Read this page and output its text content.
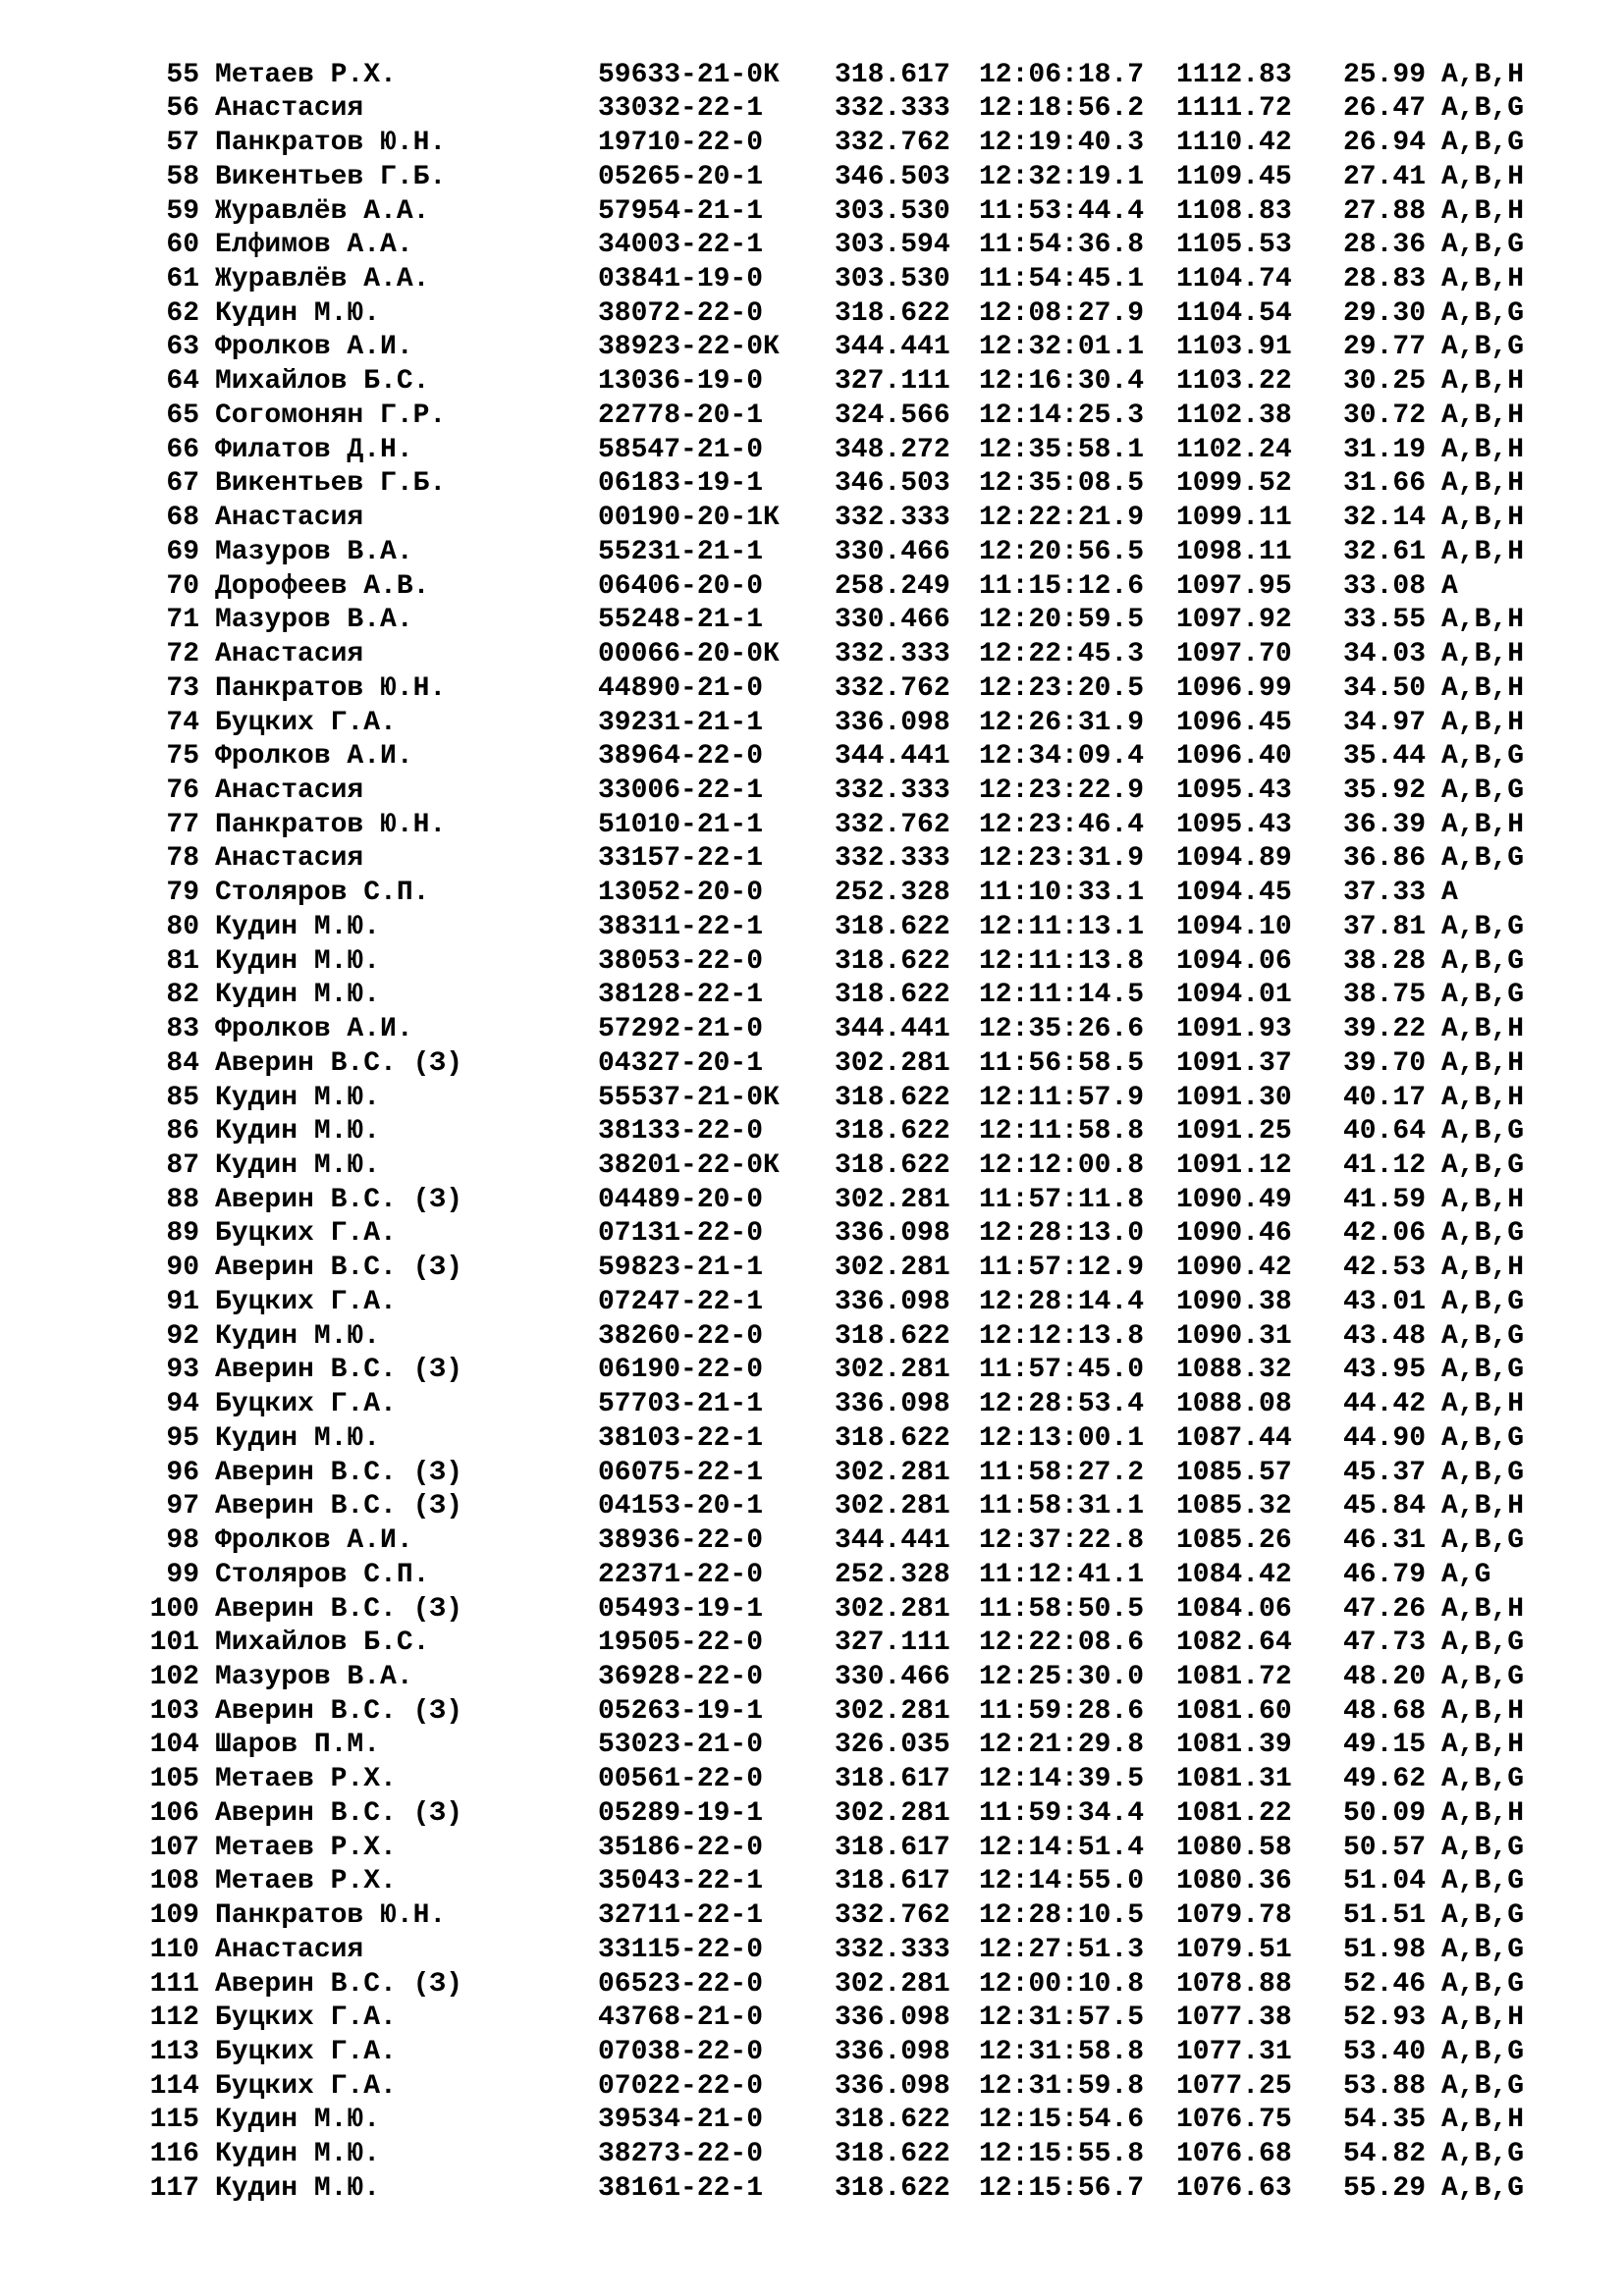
55 Метаев Р.Х.	59633-21-0К 318.617 12:06:18.7 1112.83 25.99 A,B,H
56 Анастасия	33032-22-1	332.333 12:18:56.2 1111.72 26.47 A,B,G
57 Панкратов Ю.Н.	19710-22-0	332.762 12:19:40.3 1110.42 26.94 A,B,G
58 Викентьев Г.Б.	05265-20-1	346.503 12:32:19.1 1109.45 27.41 A,B,H
59 Журавлёв А.А.	57954-21-1	303.530 11:53:44.4 1108.83 27.88 A,B,H
60 Елфимов А.А.	34003-22-1	303.594 11:54:36.8 1105.53 28.36 A,B,G
61 Журавлёв А.А.	03841-19-0	303.530 11:54:45.1 1104.74 28.83 A,B,H
62 Кудин М.Ю.	38072-22-0	318.622 12:08:27.9 1104.54 29.30 A,B,G
63 Фролков А.И.	38923-22-0К 344.441 12:32:01.1 1103.91 29.77 A,B,G
64 Михайлов Б.С.	13036-19-0	327.111 12:16:30.4 1103.22 30.25 A,B,H
65 Согомонян Г.Р.	22778-20-1	324.566 12:14:25.3 1102.38 30.72 A,B,H
66 Филатов Д.Н.	58547-21-0	348.272 12:35:58.1 1102.24 31.19 A,B,H
67 Викентьев Г.Б.	06183-19-1	346.503 12:35:08.5 1099.52 31.66 A,B,H
68 Анастасия	00190-20-1К 332.333 12:22:21.9 1099.11 32.14 A,B,H
69 Мазуров В.А.	55231-21-1	330.466 12:20:56.5 1098.11 32.61 A,B,H
70 Дорофеев А.В.	06406-20-0	258.249 11:15:12.6 1097.95 33.08 A
71 Мазуров В.А.	55248-21-1	330.466 12:20:59.5 1097.92 33.55 A,B,H
72 Анастасия	00066-20-0К 332.333 12:22:45.3 1097.70 34.03 A,B,H
73 Панкратов Ю.Н.	44890-21-0	332.762 12:23:20.5 1096.99 34.50 A,B,H
74 Буцких Г.А.	39231-21-1	336.098 12:26:31.9 1096.45 34.97 A,B,H
75 Фролков А.И.	38964-22-0	344.441 12:34:09.4 1096.40 35.44 A,B,G
76 Анастасия	33006-22-1	332.333 12:23:22.9 1095.43 35.92 A,B,G
77 Панкратов Ю.Н.	51010-21-1	332.762 12:23:46.4 1095.43 36.39 A,B,H
78 Анастасия	33157-22-1	332.333 12:23:31.9 1094.89 36.86 A,B,G
79 Столяров С.П.	13052-20-0	252.328 11:10:33.1 1094.45 37.33 A
80 Кудин М.Ю.	38311-22-1	318.622 12:11:13.1 1094.10 37.81 A,B,G
81 Кудин М.Ю.	38053-22-0	318.622 12:11:13.8 1094.06 38.28 A,B,G
82 Кудин М.Ю.	38128-22-1	318.622 12:11:14.5 1094.01 38.75 A,B,G
83 Фролков А.И.	57292-21-0	344.441 12:35:26.6 1091.93 39.22 A,B,H
84 Аверин В.С. (З)	04327-20-1	302.281 11:56:58.5 1091.37 39.70 A,B,H
85 Кудин М.Ю.	55537-21-0К 318.622 12:11:57.9 1091.30 40.17 A,B,H
86 Кудин М.Ю.	38133-22-0	318.622 12:11:58.8 1091.25 40.64 A,B,G
87 Кудин М.Ю.	38201-22-0К 318.622 12:12:00.8 1091.12 41.12 A,B,G
88 Аверин В.С. (З)	04489-20-0	302.281 11:57:11.8 1090.49 41.59 A,B,H
89 Буцких Г.А.	07131-22-0	336.098 12:28:13.0 1090.46 42.06 A,B,G
90 Аверин В.С. (З)	59823-21-1	302.281 11:57:12.9 1090.42 42.53 A,B,H
91 Буцких Г.А.	07247-22-1	336.098 12:28:14.4 1090.38 43.01 A,B,G
92 Кудин М.Ю.	38260-22-0	318.622 12:12:13.8 1090.31 43.48 A,B,G
93 Аверин В.С. (З)	06190-22-0	302.281 11:57:45.0 1088.32 43.95 A,B,G
94 Буцких Г.А.	57703-21-1	336.098 12:28:53.4 1088.08 44.42 A,B,H
95 Кудин М.Ю.	38103-22-1	318.622 12:13:00.1 1087.44 44.90 A,B,G
96 Аверин В.С. (З)	06075-22-1	302.281 11:58:27.2 1085.57 45.37 A,B,G
97 Аверин В.С. (З)	04153-20-1	302.281 11:58:31.1 1085.32 45.84 A,B,H
98 Фролков А.И.	38936-22-0	344.441 12:37:22.8 1085.26 46.31 A,B,G
99 Столяров С.П.	22371-22-0	252.328 11:12:41.1 1084.42 46.79 A,G
100 Аверин В.С. (З)	05493-19-1	302.281 11:58:50.5 1084.06 47.26 A,B,H
101 Михайлов Б.С.	19505-22-0	327.111 12:22:08.6 1082.64 47.73 A,B,G
102 Мазуров В.А.	36928-22-0	330.466 12:25:30.0 1081.72 48.20 A,B,G
103 Аверин В.С. (З)	05263-19-1	302.281 11:59:28.6 1081.60 48.68 A,B,H
104 Шаров П.М.	53023-21-0	326.035 12:21:29.8 1081.39 49.15 A,B,H
105 Метаев Р.Х.	00561-22-0	318.617 12:14:39.5 1081.31 49.62 A,B,G
106 Аверин В.С. (З)	05289-19-1	302.281 11:59:34.4 1081.22 50.09 A,B,H
107 Метаев Р.Х.	35186-22-0	318.617 12:14:51.4 1080.58 50.57 A,B,G
108 Метаев Р.Х.	35043-22-1	318.617 12:14:55.0 1080.36 51.04 A,B,G
109 Панкратов Ю.Н.	32711-22-1	332.762 12:28:10.5 1079.78 51.51 A,B,G
110 Анастасия	33115-22-0	332.333 12:27:51.3 1079.51 51.98 A,B,G
111 Аверин В.С. (З)	06523-22-0	302.281 12:00:10.8 1078.88 52.46 A,B,G
112 Буцких Г.А.	43768-21-0	336.098 12:31:57.5 1077.38 52.93 A,B,H
113 Буцких Г.А.	07038-22-0	336.098 12:31:58.8 1077.31 53.40 A,B,G
114 Буцких Г.А.	07022-22-0	336.098 12:31:59.8 1077.25 53.88 A,B,G
115 Кудин М.Ю.	39534-21-0	318.622 12:15:54.6 1076.75 54.35 A,B,H
116 Кудин М.Ю.	38273-22-0	318.622 12:15:55.8 1076.68 54.82 A,B,G
117 Кудин М.Ю.	38161-22-1	318.622 12:15:56.7 1076.63 55.29 A,B,G
